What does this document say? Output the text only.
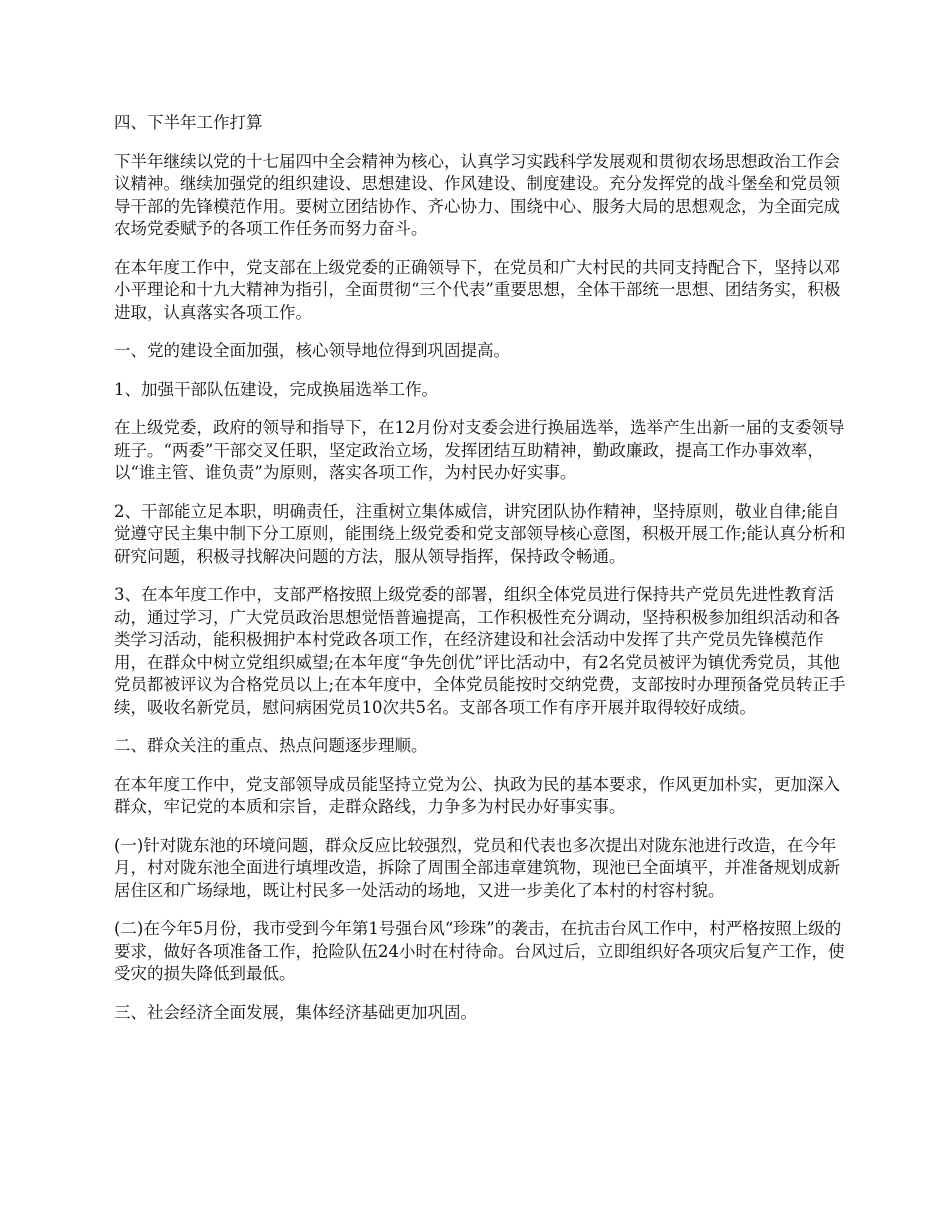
四、下半年工作打算

下半年继续以党的十七届四中全会精神为核心，认真学习实践科学发展观和贯彻农场思想政治工作会议精神。继续加强党的组织建设、思想建设、作风建设、制度建设。充分发挥党的战斗堡垒和党员领导干部的先锋模范作用。要树立团结协作、齐心协力、围绕中心、服务大局的思想观念，为全面完成农场党委赋予的各项工作任务而努力奋斗。

在本年度工作中，党支部在上级党委的正确领导下，在党员和广大村民的共同支持配合下，坚持以邓小平理论和十九大精神为指引，全面贯彻“三个代表”重要思想，全体干部统一思想、团结务实，积极进取，认真落实各项工作。

一、党的建设全面加强，核心领导地位得到巩固提高。

1、加强干部队伍建设，完成换届选举工作。

在上级党委，政府的领导和指导下，在12月份对支委会进行换届选举，选举产生出新一届的支委领导班子。“两委”干部交叉任职，坚定政治立场，发挥团结互助精神，勤政廉政，提高工作办事效率，以“谁主管、谁负责”为原则，落实各项工作，为村民办好实事。

2、干部能立足本职，明确责任，注重树立集体威信，讲究团队协作精神，坚持原则，敬业自律;能自觉遵守民主集中制下分工原则，能围绕上级党委和党支部领导核心意图，积极开展工作;能认真分析和研究问题，积极寻找解决问题的方法，服从领导指挥，保持政令畅通。

3、在本年度工作中，支部严格按照上级党委的部署，组织全体党员进行保持共产党员先进性教育活动，通过学习，广大党员政治思想觉悟普遍提高，工作积极性充分调动，坚持积极参加组织活动和各类学习活动，能积极拥护本村党政各项工作，在经济建设和社会活动中发挥了共产党员先锋模范作用，在群众中树立党组织威望;在本年度“争先创优”评比活动中，有2名党员被评为镇优秀党员，其他党员都被评议为合格党员以上;在本年度中，全体党员能按时交纳党费，支部按时办理预备党员转正手续，吸收名新党员，慰问病困党员10次共5名。支部各项工作有序开展并取得较好成绩。

二、群众关注的重点、热点问题逐步理顺。

在本年度工作中，党支部领导成员能坚持立党为公、执政为民的基本要求，作风更加朴实，更加深入群众，牢记党的本质和宗旨，走群众路线，力争多为村民办好事实事。

(一)针对陇东池的环境问题，群众反应比较强烈，党员和代表也多次提出对陇东池进行改造，在今年月，村对陇东池全面进行填埋改造，拆除了周围全部违章建筑物，现池已全面填平，并准备规划成新居住区和广场绿地，既让村民多一处活动的场地，又进一步美化了本村的村容村貌。

(二)在今年5月份，我市受到今年第1号强台风“珍珠”的袭击，在抗击台风工作中，村严格按照上级的要求，做好各项准备工作，抢险队伍24小时在村待命。台风过后，立即组织好各项灾后复产工作，使受灾的损失降低到最低。

三、社会经济全面发展，集体经济基础更加巩固。
